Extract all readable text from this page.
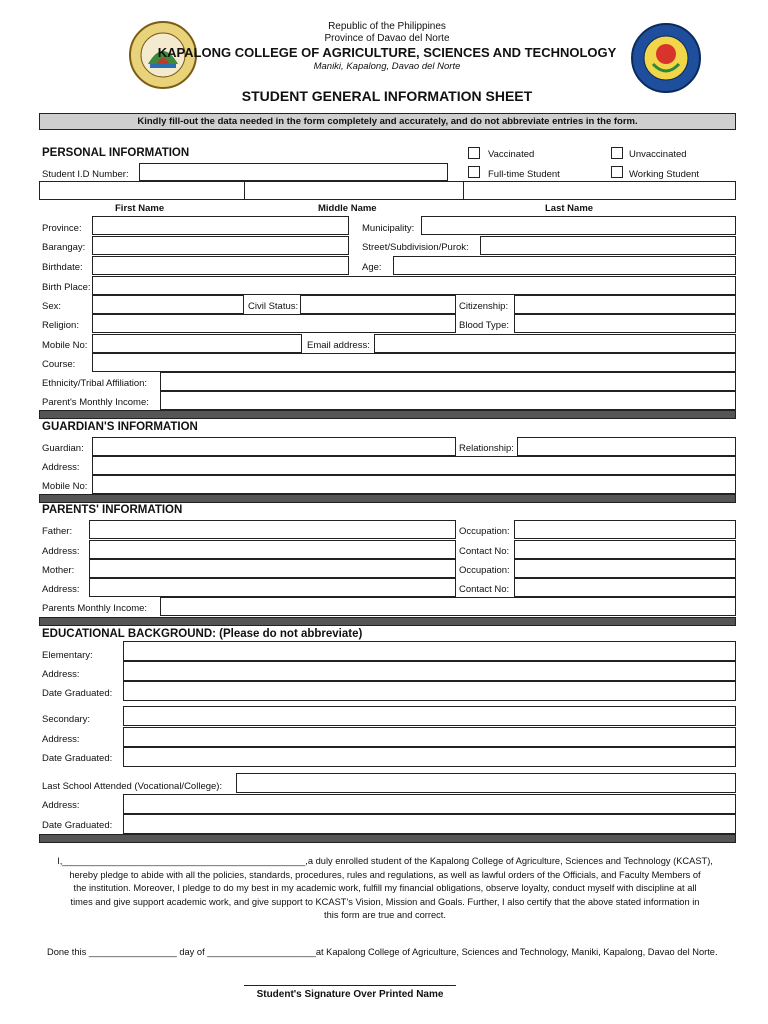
Republic of the Philippines
Province of Davao del Norte
KAPALONG COLLEGE OF AGRICULTURE, SCIENCES AND TECHNOLOGY
Maniki, Kapalong, Davao del Norte
STUDENT GENERAL INFORMATION SHEET
Kindly fill-out the data needed in the form completely and accurately, and do not abbreviate entries in the form.
PERSONAL INFORMATION	Vaccinated	Unvaccinated
Student I.D Number:	Full-time Student	Working Student
First Name	Middle Name	Last Name
Province:	Municipality:
Barangay:	Street/Subdivision/Purok:
Birthdate:	Age:
Birth Place:
Sex:	Civil Status:	Citizenship:
Religion:	Blood Type:
Mobile No:	Email address:
Course:
Ethnicity/Tribal Affiliation:
Parent's Monthly Income:
GUARDIAN'S INFORMATION
Guardian:	Relationship:
Address:
Mobile No:
PARENTS' INFORMATION
Father:	Occupation:
Address:	Contact No:
Mother:	Occupation:
Address:	Contact No:
Parents Monthly Income:
EDUCATIONAL BACKGROUND: (Please do not abbreviate)
Elementary:
Address:
Date Graduated:
Secondary:
Address:
Date Graduated:
Last School Attended (Vocational/College):
Address:
Date Graduated:
I,_______________________________________________,a duly enrolled student of the Kapalong College of Agriculture, Sciences and Technology (KCAST),
hereby pledge to abide with all the policies, standards, procedures, rules and regulations, as well as lawful orders of the Officials, and Faculty Members of
the institution. Moreover, I pledge to do my best in my academic work, fulfill my financial obligations, observe loyalty, conduct myself with discipline at all
times and give support academic work, and give support to KCAST's Vision, Mission and Goals. Further, I also certify that the above stated information in
this form are true and correct.
Done this _________________ day of _____________________at Kapalong College of Agriculture, Sciences and Technology, Maniki, Kapalong, Davao del Norte.
Student's Signature Over Printed Name
